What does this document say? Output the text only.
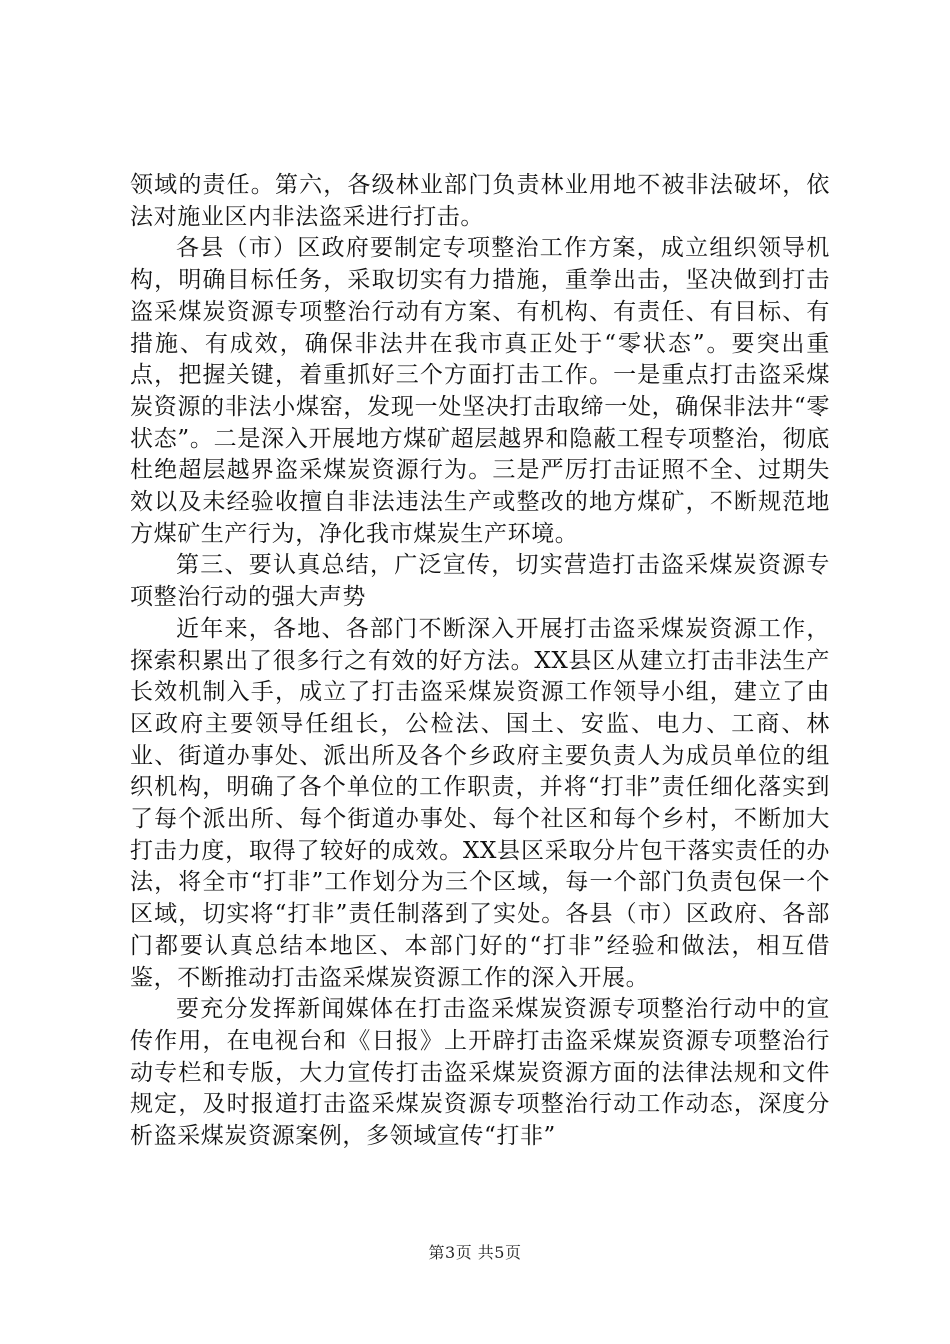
领域的责任。第六，各级林业部门负责林业用地不被非法破坏，依法对施业区内非法盗采进行打击。

各县（市）区政府要制定专项整治工作方案，成立组织领导机构，明确目标任务，采取切实有力措施，重拳出击，坚决做到打击盗采煤炭资源专项整治行动有方案、有机构、有责任、有目标、有措施、有成效，确保非法井在我市真正处于“零状态”。要突出重点，把握关键，着重抓好三个方面打击工作。一是重点打击盗采煤炭资源的非法小煤窑，发现一处坚决打击取缔一处，确保非法井“零状态”。二是深入开展地方煤矿超层越界和隐蔽工程专项整治，彻底杜绝超层越界盗采煤炭资源行为。三是严厉打击证照不全、过期失效以及未经验收擅自非法违法生产或整改的地方煤矿，不断规范地方煤矿生产行为，净化我市煤炭生产环境。

第三、要认真总结，广泛宣传，切实营造打击盗采煤炭资源专项整治行动的强大声势

近年来，各地、各部门不断深入开展打击盗采煤炭资源工作，探索积累出了很多行之有效的好方法。XX县区从建立打击非法生产长效机制入手，成立了打击盗采煤炭资源工作领导小组，建立了由区政府主要领导任组长，公检法、国土、安监、电力、工商、林业、街道办事处、派出所及各个乡政府主要负责人为成员单位的组织机构，明确了各个单位的工作职责，并将“打非”责任细化落实到了每个派出所、每个街道办事处、每个社区和每个乡村，不断加大打击力度，取得了较好的成效。XX县区采取分片包干落实责任的办法，将全市“打非”工作划分为三个区域，每一个部门负责包保一个区域，切实将“打非”责任制落到了实处。各县（市）区政府、各部门都要认真总结本地区、本部门好的“打非”经验和做法，相互借鉴，不断推动打击盗采煤炭资源工作的深入开展。

要充分发挥新闻媒体在打击盗采煤炭资源专项整治行动中的宣传作用，在电视台和《日报》上开辟打击盗采煤炭资源专项整治行动专栏和专版，大力宣传打击盗采煤炭资源方面的法律法规和文件规定，及时报道打击盗采煤炭资源专项整治行动工作动态，深度分析盗采煤炭资源案例，多领域宣传“打非”

第3页 共5页
